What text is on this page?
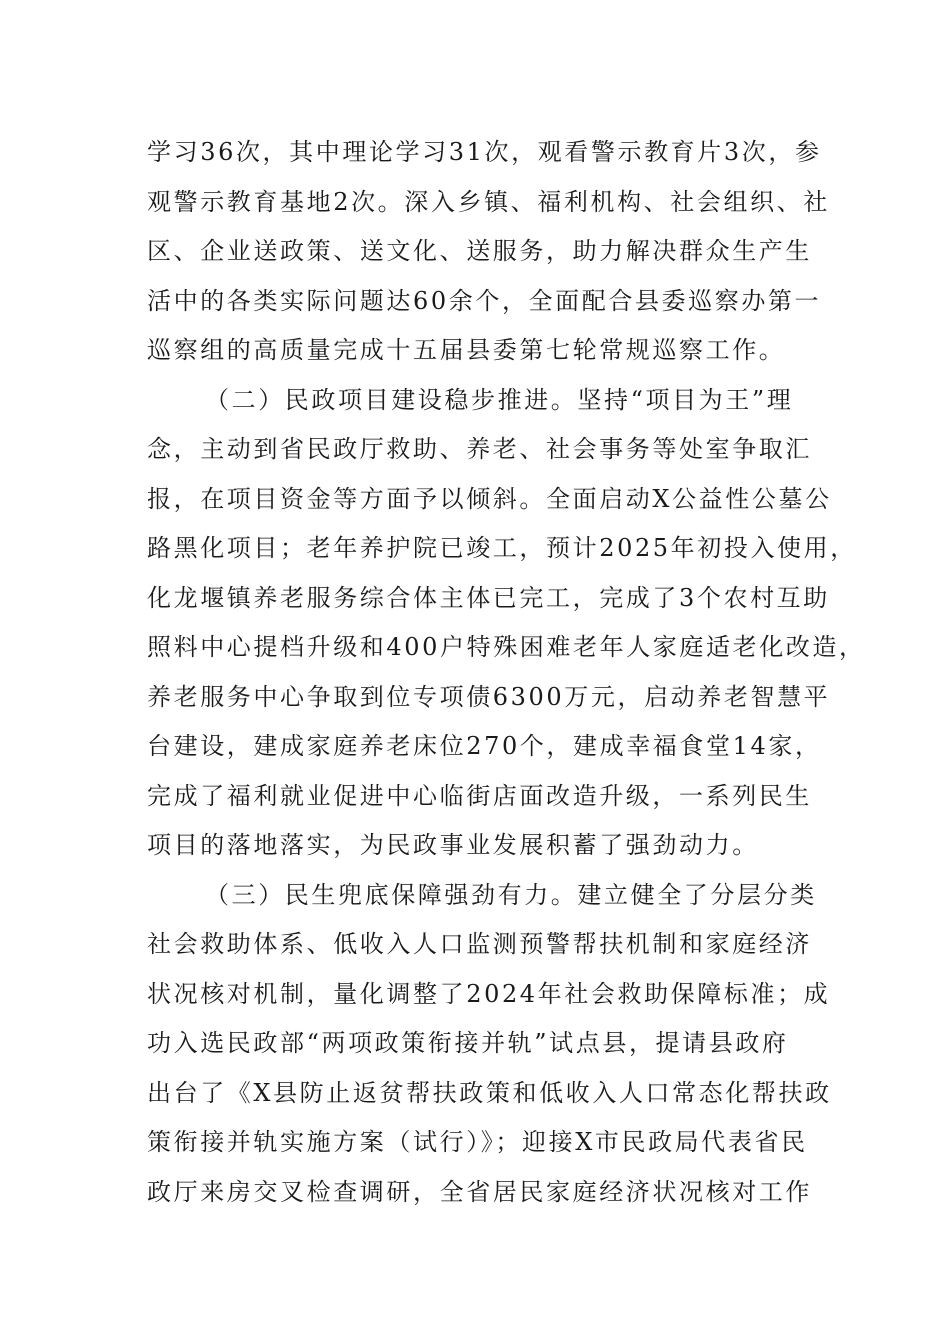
学习36次，其中理论学习31次，观看警示教育片3次，参
观警示教育基地2次。深入乡镇、福利机构、社会组织、社
区、企业送政策、送文化、送服务，助力解决群众生产生
活中的各类实际问题达60余个，全面配合县委巡察办第一
巡察组的高质量完成十五届县委第七轮常规巡察工作。
（二）民政项目建设稳步推进。坚持“项目为王”理
念，主动到省民政厅救助、养老、社会事务等处室争取汇
报，在项目资金等方面予以倾斜。全面启动X公益性公墓公
路黑化项目；老年养护院已竣工，预计2025年初投入使用，
化龙堰镇养老服务综合体主体已完工，完成了3个农村互助
照料中心提档升级和400户特殊困难老年人家庭适老化改造，
养老服务中心争取到位专项债6300万元，启动养老智慧平
台建设，建成家庭养老床位270个，建成幸福食堂14家，
完成了福利就业促进中心临街店面改造升级，一系列民生
项目的落地落实，为民政事业发展积蓄了强劲动力。
（三）民生兜底保障强劲有力。建立健全了分层分类
社会救助体系、低收入人口监测预警帮扶机制和家庭经济
状况核对机制，量化调整了2024年社会救助保障标准；成
功入选民政部“两项政策衔接并轨”试点县，提请县政府
出台了《X县防止返贫帮扶政策和低收入人口常态化帮扶政
策衔接并轨实施方案（试行）》；迎接X市民政局代表省民
政厅来房交叉检查调研，全省居民家庭经济状况核对工作
